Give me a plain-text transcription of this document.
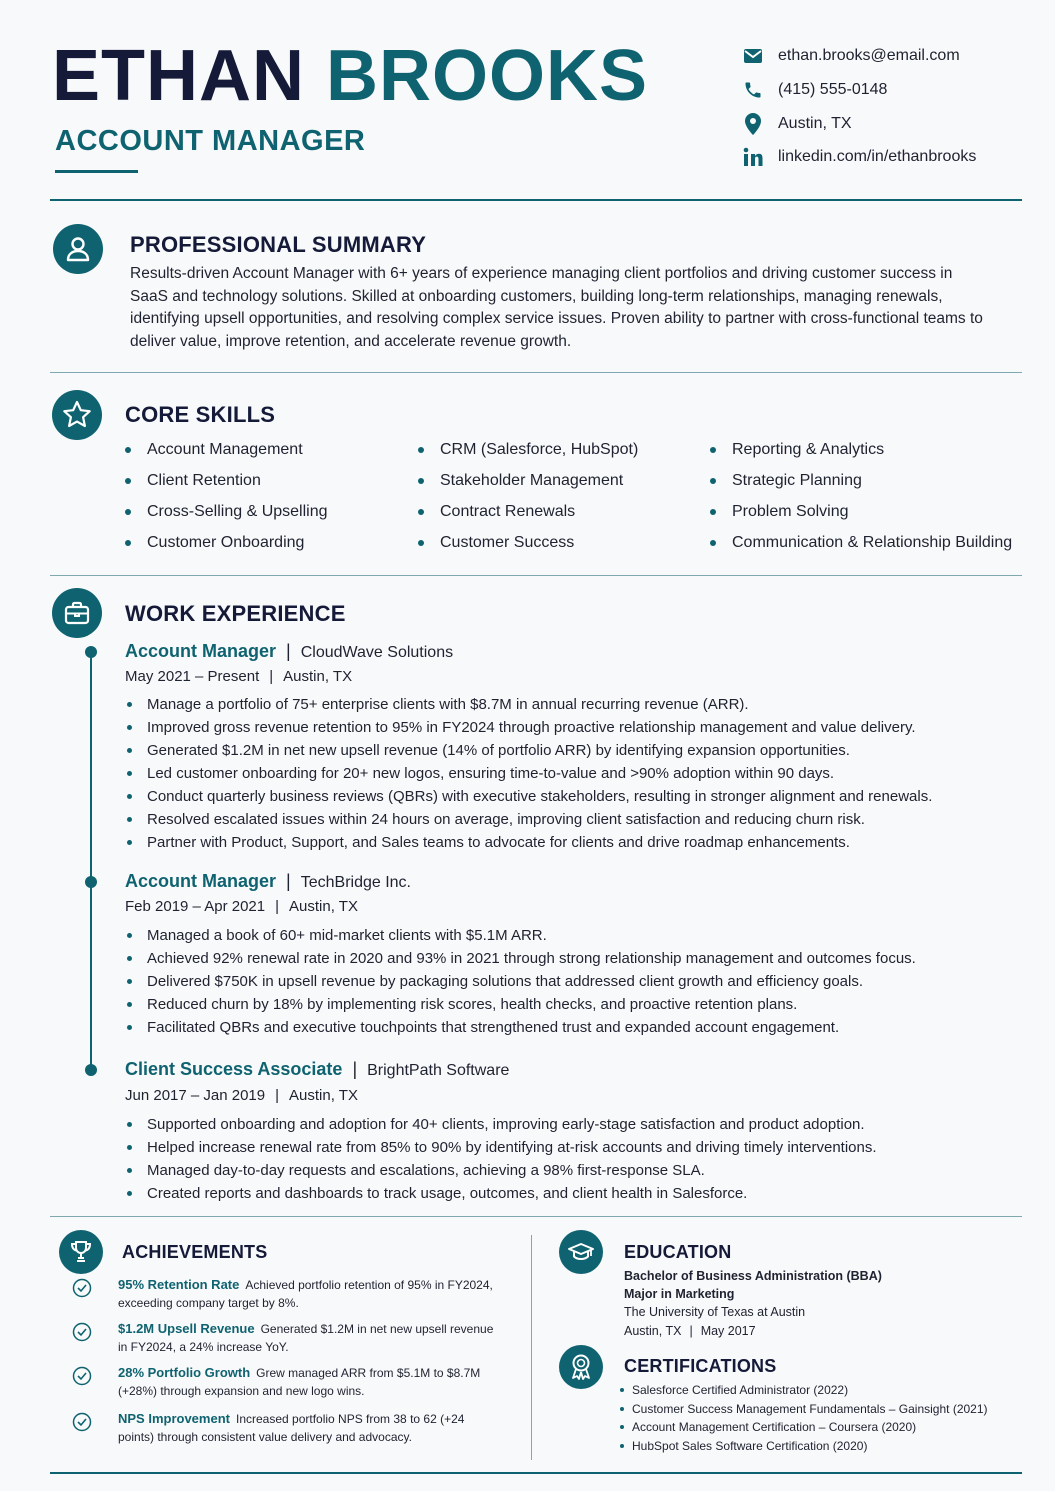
ETHAN BROOKS
ACCOUNT MANAGER
ethan.brooks@email.com
(415) 555-0148
Austin, TX
linkedin.com/in/ethanbrooks
PROFESSIONAL SUMMARY
Results-driven Account Manager with 6+ years of experience managing client portfolios and driving customer success in SaaS and technology solutions. Skilled at onboarding customers, building long-term relationships, managing renewals, identifying upsell opportunities, and resolving complex service issues. Proven ability to partner with cross-functional teams to deliver value, improve retention, and accelerate revenue growth.
CORE SKILLS
Account Management
Client Retention
Cross-Selling & Upselling
Customer Onboarding
CRM (Salesforce, HubSpot)
Stakeholder Management
Contract Renewals
Customer Success
Reporting & Analytics
Strategic Planning
Problem Solving
Communication & Relationship Building
WORK EXPERIENCE
Account Manager | CloudWave Solutions
May 2021 – Present | Austin, TX
Manage a portfolio of 75+ enterprise clients with $8.7M in annual recurring revenue (ARR).
Improved gross revenue retention to 95% in FY2024 through proactive relationship management and value delivery.
Generated $1.2M in net new upsell revenue (14% of portfolio ARR) by identifying expansion opportunities.
Led customer onboarding for 20+ new logos, ensuring time-to-value and >90% adoption within 90 days.
Conduct quarterly business reviews (QBRs) with executive stakeholders, resulting in stronger alignment and renewals.
Resolved escalated issues within 24 hours on average, improving client satisfaction and reducing churn risk.
Partner with Product, Support, and Sales teams to advocate for clients and drive roadmap enhancements.
Account Manager | TechBridge Inc.
Feb 2019 – Apr 2021 | Austin, TX
Managed a book of 60+ mid-market clients with $5.1M ARR.
Achieved 92% renewal rate in 2020 and 93% in 2021 through strong relationship management and outcomes focus.
Delivered $750K in upsell revenue by packaging solutions that addressed client growth and efficiency goals.
Reduced churn by 18% by implementing risk scores, health checks, and proactive retention plans.
Facilitated QBRs and executive touchpoints that strengthened trust and expanded account engagement.
Client Success Associate | BrightPath Software
Jun 2017 – Jan 2019 | Austin, TX
Supported onboarding and adoption for 40+ clients, improving early-stage satisfaction and product adoption.
Helped increase renewal rate from 85% to 90% by identifying at-risk accounts and driving timely interventions.
Managed day-to-day requests and escalations, achieving a 98% first-response SLA.
Created reports and dashboards to track usage, outcomes, and client health in Salesforce.
ACHIEVEMENTS
95% Retention Rate Achieved portfolio retention of 95% in FY2024, exceeding company target by 8%.
$1.2M Upsell Revenue Generated $1.2M in net new upsell revenue in FY2024, a 24% increase YoY.
28% Portfolio Growth Grew managed ARR from $5.1M to $8.7M (+28%) through expansion and new logo wins.
NPS Improvement Increased portfolio NPS from 38 to 62 (+24 points) through consistent value delivery and advocacy.
EDUCATION
Bachelor of Business Administration (BBA)
Major in Marketing
The University of Texas at Austin
Austin, TX | May 2017
CERTIFICATIONS
Salesforce Certified Administrator (2022)
Customer Success Management Fundamentals – Gainsight (2021)
Account Management Certification – Coursera (2020)
HubSpot Sales Software Certification (2020)
